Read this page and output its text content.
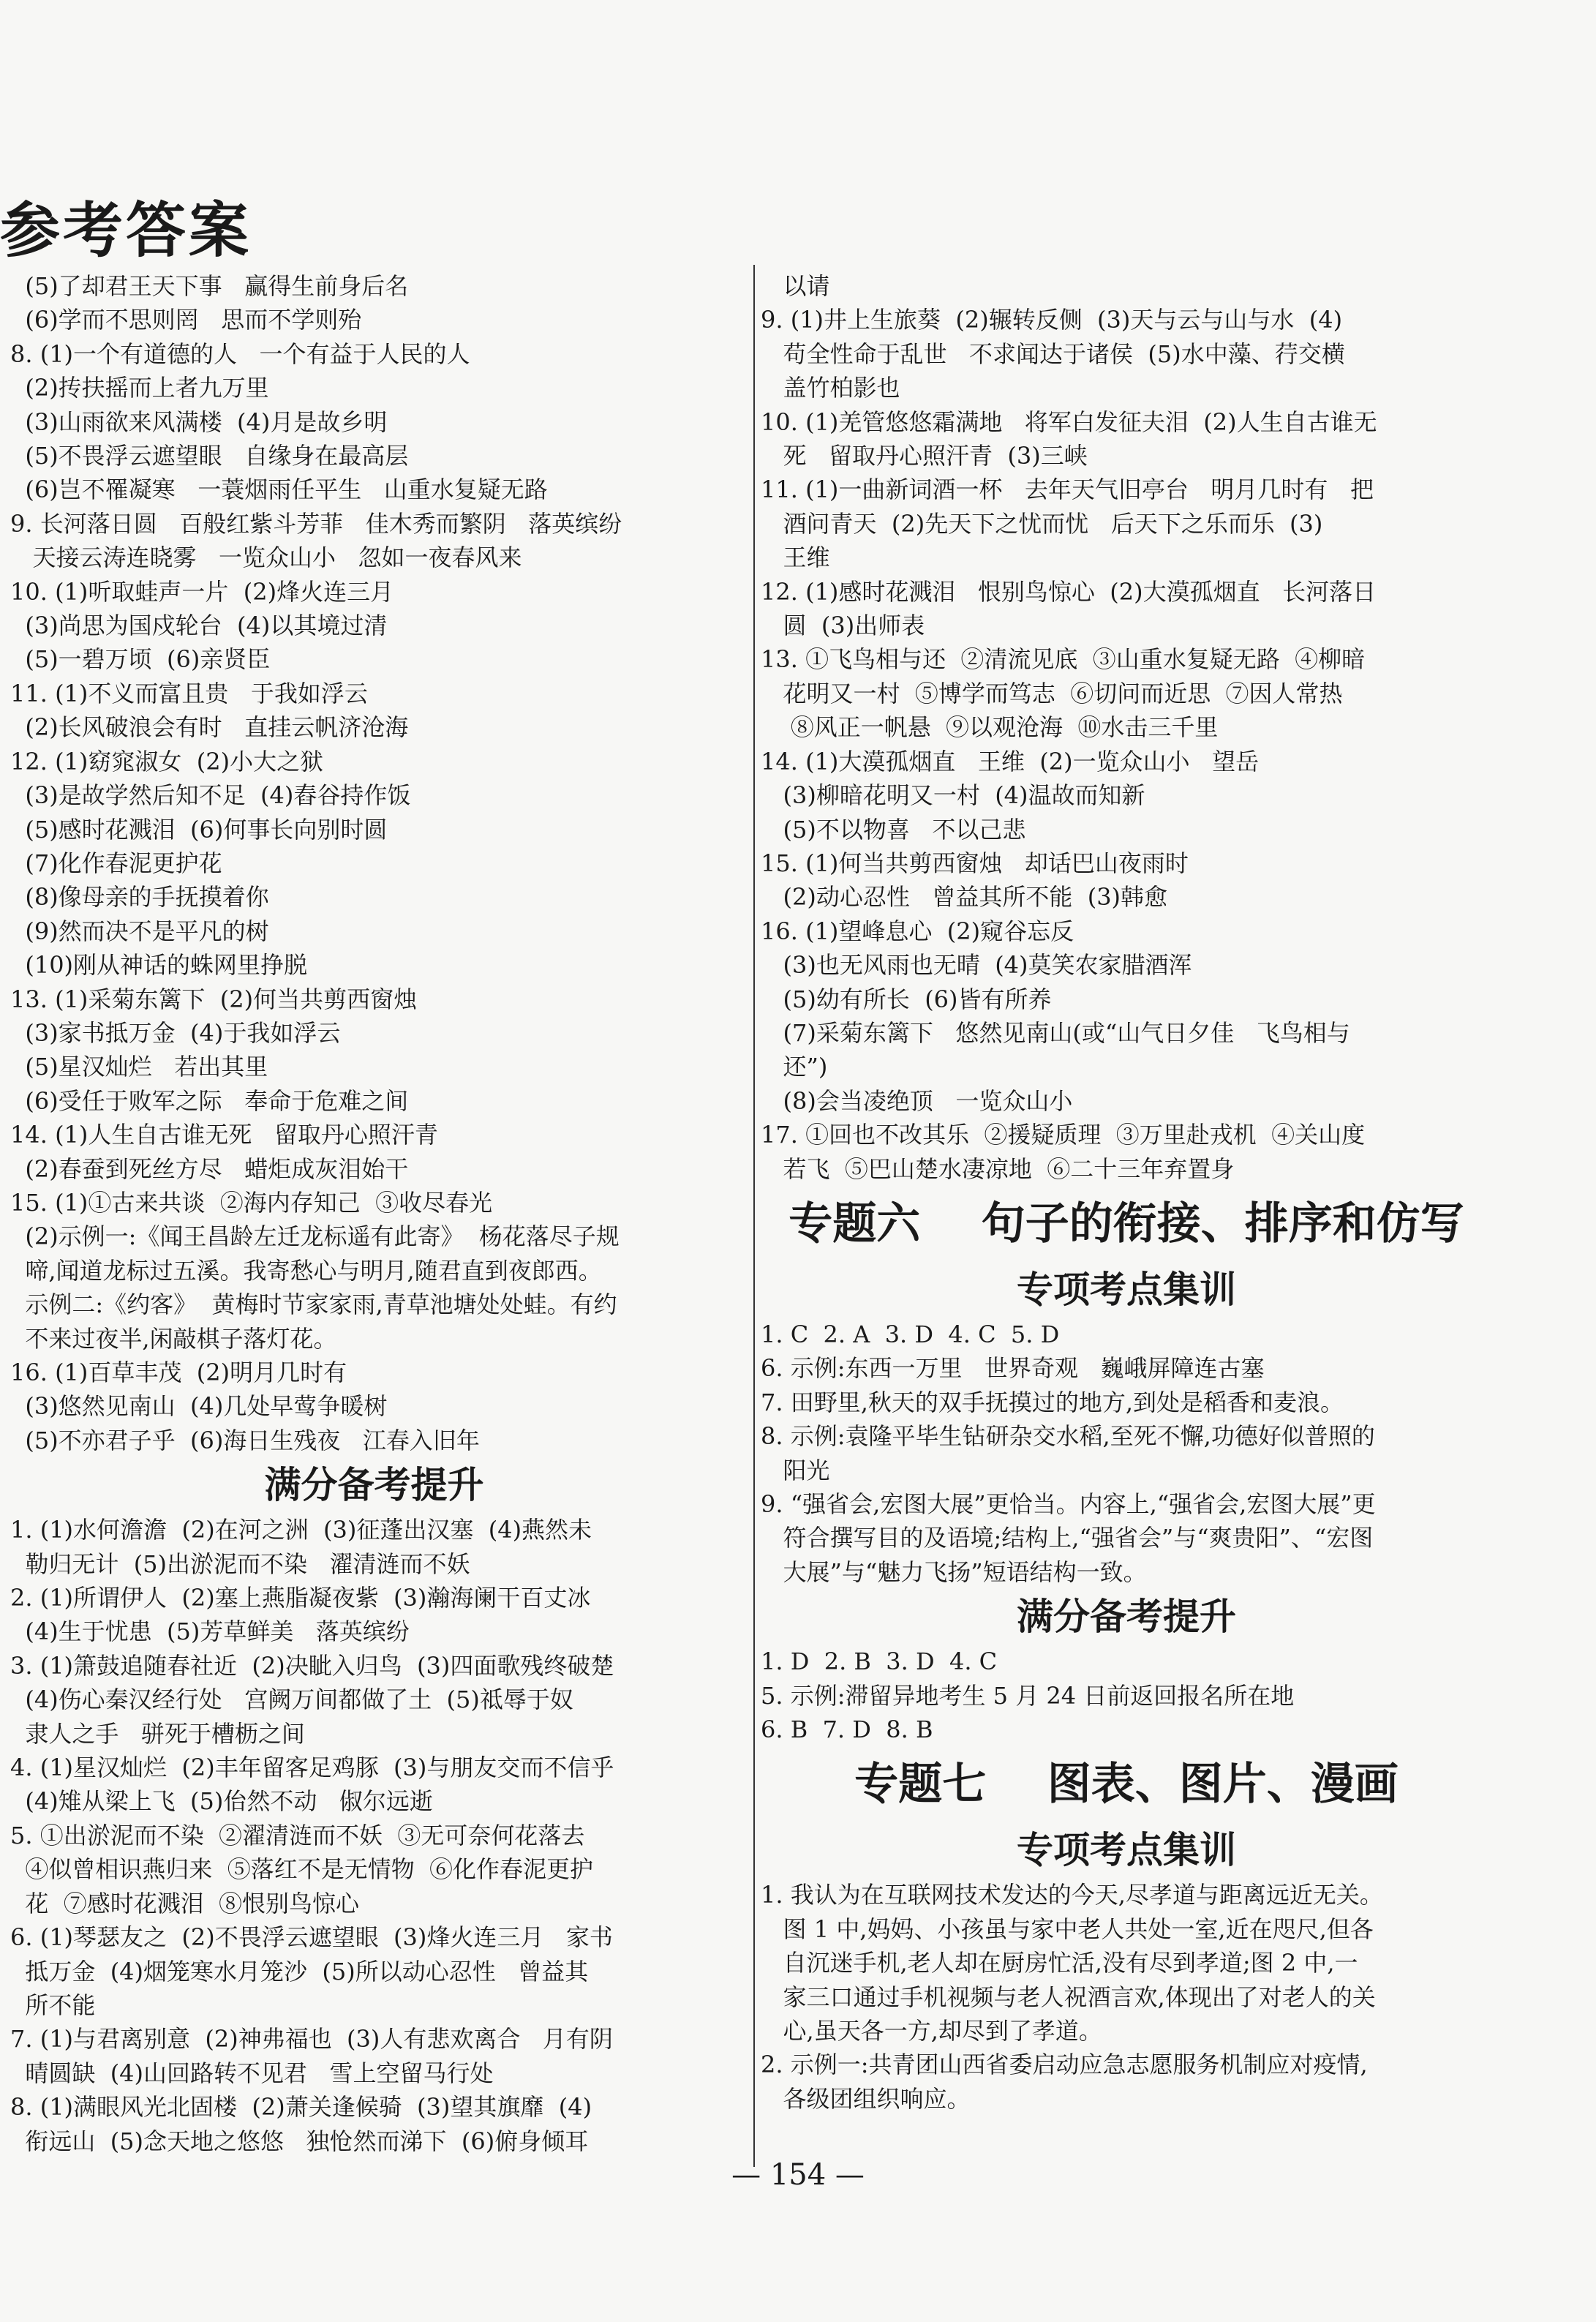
参考答案
(5)了却君王天下事   赢得生前身后名
(6)学而不思则罔   思而不学则殆
8. (1)一个有道德的人   一个有益于人民的人
(2)抟扶摇而上者九万里
(3)山雨欲来风满楼  (4)月是故乡明
(5)不畏浮云遮望眼   自缘身在最高层
(6)岂不罹凝寒   一蓑烟雨任平生   山重水复疑无路
9. 长河落日圆   百般红紫斗芳菲   佳木秀而繁阴   落英缤纷
天接云涛连晓雾   一览众山小   忽如一夜春风来
10. (1)听取蛙声一片  (2)烽火连三月
(3)尚思为国戍轮台  (4)以其境过清
(5)一碧万顷  (6)亲贤臣
11. (1)不义而富且贵   于我如浮云
(2)长风破浪会有时   直挂云帆济沧海
12. (1)窈窕淑女  (2)小大之狱
(3)是故学然后知不足  (4)舂谷持作饭
(5)感时花溅泪  (6)何事长向别时圆
(7)化作春泥更护花
(8)像母亲的手抚摸着你
(9)然而决不是平凡的树
(10)刚从神话的蛛网里挣脱
13. (1)采菊东篱下  (2)何当共剪西窗烛
(3)家书抵万金  (4)于我如浮云
(5)星汉灿烂   若出其里
(6)受任于败军之际   奉命于危难之间
14. (1)人生自古谁无死   留取丹心照汗青
(2)春蚕到死丝方尽   蜡炬成灰泪始干
15. (1)①古来共谈  ②海内存知己  ③收尽春光
(2)示例一:《闻王昌龄左迁龙标遥有此寄》  杨花落尽子规
啼,闻道龙标过五溪。我寄愁心与明月,随君直到夜郎西。
示例二:《约客》  黄梅时节家家雨,青草池塘处处蛙。有约
不来过夜半,闲敲棋子落灯花。
16. (1)百草丰茂  (2)明月几时有
(3)悠然见南山  (4)几处早莺争暖树
(5)不亦君子乎  (6)海日生残夜   江春入旧年
满分备考提升
1. (1)水何澹澹  (2)在河之洲  (3)征蓬出汉塞  (4)燕然未
勒归无计  (5)出淤泥而不染   濯清涟而不妖
2. (1)所谓伊人  (2)塞上燕脂凝夜紫  (3)瀚海阑干百丈冰
(4)生于忧患  (5)芳草鲜美   落英缤纷
3. (1)箫鼓追随春社近  (2)决眦入归鸟  (3)四面歌残终破楚
(4)伤心秦汉经行处   宫阙万间都做了土  (5)祗辱于奴
隶人之手   骈死于槽枥之间
4. (1)星汉灿烂  (2)丰年留客足鸡豚  (3)与朋友交而不信乎
(4)雉从梁上飞  (5)佁然不动   俶尔远逝
5. ①出淤泥而不染  ②濯清涟而不妖  ③无可奈何花落去
④似曾相识燕归来  ⑤落红不是无情物  ⑥化作春泥更护
花  ⑦感时花溅泪  ⑧恨别鸟惊心
6. (1)琴瑟友之  (2)不畏浮云遮望眼  (3)烽火连三月   家书
抵万金  (4)烟笼寒水月笼沙  (5)所以动心忍性   曾益其
所不能
7. (1)与君离别意  (2)神弗福也  (3)人有悲欢离合   月有阴
晴圆缺  (4)山回路转不见君   雪上空留马行处
8. (1)满眼风光北固楼  (2)萧关逢候骑  (3)望其旗靡  (4)
衔远山  (5)念天地之悠悠   独怆然而涕下  (6)俯身倾耳
以请
9. (1)井上生旅葵  (2)辗转反侧  (3)天与云与山与水  (4)
苟全性命于乱世   不求闻达于诸侯  (5)水中藻、荇交横
盖竹柏影也
10. (1)羌管悠悠霜满地   将军白发征夫泪  (2)人生自古谁无
死   留取丹心照汗青  (3)三峡
11. (1)一曲新词酒一杯   去年天气旧亭台   明月几时有   把
酒问青天  (2)先天下之忧而忧   后天下之乐而乐  (3)
王维
12. (1)感时花溅泪   恨别鸟惊心  (2)大漠孤烟直   长河落日
圆  (3)出师表
13. ①飞鸟相与还  ②清流见底  ③山重水复疑无路  ④柳暗
花明又一村  ⑤博学而笃志  ⑥切问而近思  ⑦因人常热
⑧风正一帆悬  ⑨以观沧海  ⑩水击三千里
14. (1)大漠孤烟直   王维  (2)一览众山小   望岳
(3)柳暗花明又一村  (4)温故而知新
(5)不以物喜   不以己悲
15. (1)何当共剪西窗烛   却话巴山夜雨时
(2)动心忍性   曾益其所不能  (3)韩愈
16. (1)望峰息心  (2)窥谷忘反
(3)也无风雨也无晴  (4)莫笑农家腊酒浑
(5)幼有所长  (6)皆有所养
(7)采菊东篱下   悠然见南山(或“山气日夕佳   飞鸟相与
还”)
(8)会当凌绝顶   一览众山小
17. ①回也不改其乐  ②援疑质理  ③万里赴戎机  ④关山度
若飞  ⑤巴山楚水凄凉地  ⑥二十三年弃置身
专题六    句子的衔接、排序和仿写
专项考点集训
1. C  2. A  3. D  4. C  5. D
6. 示例:东西一万里   世界奇观   巍峨屏障连古塞
7. 田野里,秋天的双手抚摸过的地方,到处是稻香和麦浪。
8. 示例:袁隆平毕生钻研杂交水稻,至死不懈,功德好似普照的
阳光
9. “强省会,宏图大展”更恰当。内容上,“强省会,宏图大展”更
符合撰写目的及语境;结构上,“强省会”与“爽贵阳”、“宏图
大展”与“魅力飞扬”短语结构一致。
满分备考提升
1. D  2. B  3. D  4. C
5. 示例:滞留异地考生 5 月 24 日前返回报名所在地
6. B  7. D  8. B
专题七    图表、图片、漫画
专项考点集训
1. 我认为在互联网技术发达的今天,尽孝道与距离远近无关。
图 1 中,妈妈、小孩虽与家中老人共处一室,近在咫尺,但各
自沉迷手机,老人却在厨房忙活,没有尽到孝道;图 2 中,一
家三口通过手机视频与老人祝酒言欢,体现出了对老人的关
心,虽天各一方,却尽到了孝道。
2. 示例一:共青团山西省委启动应急志愿服务机制应对疫情,
各级团组织响应。
— 154 —
